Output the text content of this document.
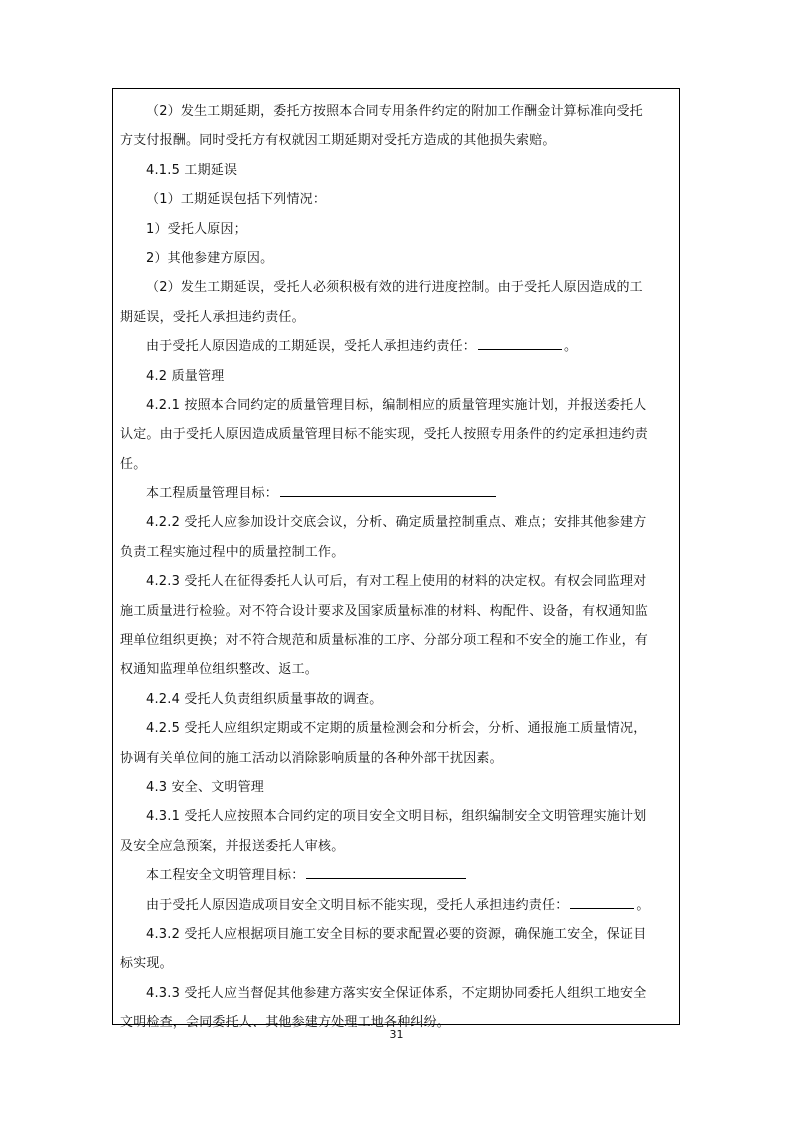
（2）发生工期延期，委托方按照本合同专用条件约定的附加工作酬金计算标准向受托
方支付报酬。同时受托方有权就因工期延期对受托方造成的其他损失索赔。
4.1.5 工期延误
（1）工期延误包括下列情况：
1）受托人原因；
2）其他参建方原因。
（2）发生工期延误，受托人必须积极有效的进行进度控制。由于受托人原因造成的工
期延误，受托人承担违约责任。
由于受托人原因造成的工期延误，受托人承担违约责任：	。
4.2 质量管理
4.2.1 按照本合同约定的质量管理目标，编制相应的质量管理实施计划，并报送委托人
认定。由于受托人原因造成质量管理目标不能实现，受托人按照专用条件的约定承担违约责
任。
本工程质量管理目标：
4.2.2 受托人应参加设计交底会议，分析、确定质量控制重点、难点；安排其他参建方
负责工程实施过程中的质量控制工作。
4.2.3 受托人在征得委托人认可后，有对工程上使用的材料的决定权。有权会同监理对
施工质量进行检验。对不符合设计要求及国家质量标准的材料、构配件、设备，有权通知监
理单位组织更换；对不符合规范和质量标准的工序、分部分项工程和不安全的施工作业，有
权通知监理单位组织整改、返工。
4.2.4 受托人负责组织质量事故的调查。
4.2.5 受托人应组织定期或不定期的质量检测会和分析会，分析、通报施工质量情况，
协调有关单位间的施工活动以消除影响质量的各种外部干扰因素。
4.3 安全、文明管理
4.3.1 受托人应按照本合同约定的项目安全文明目标，组织编制安全文明管理实施计划
及安全应急预案，并报送委托人审核。
本工程安全文明管理目标：
由于受托人原因造成项目安全文明目标不能实现，受托人承担违约责任：	。
4.3.2 受托人应根据项目施工安全目标的要求配置必要的资源，确保施工安全，保证目
标实现。
4.3.3 受托人应当督促其他参建方落实安全保证体系，不定期协同委托人组织工地安全
文明检查，会同委托人、其他参建方处理工地各种纠纷。
31
